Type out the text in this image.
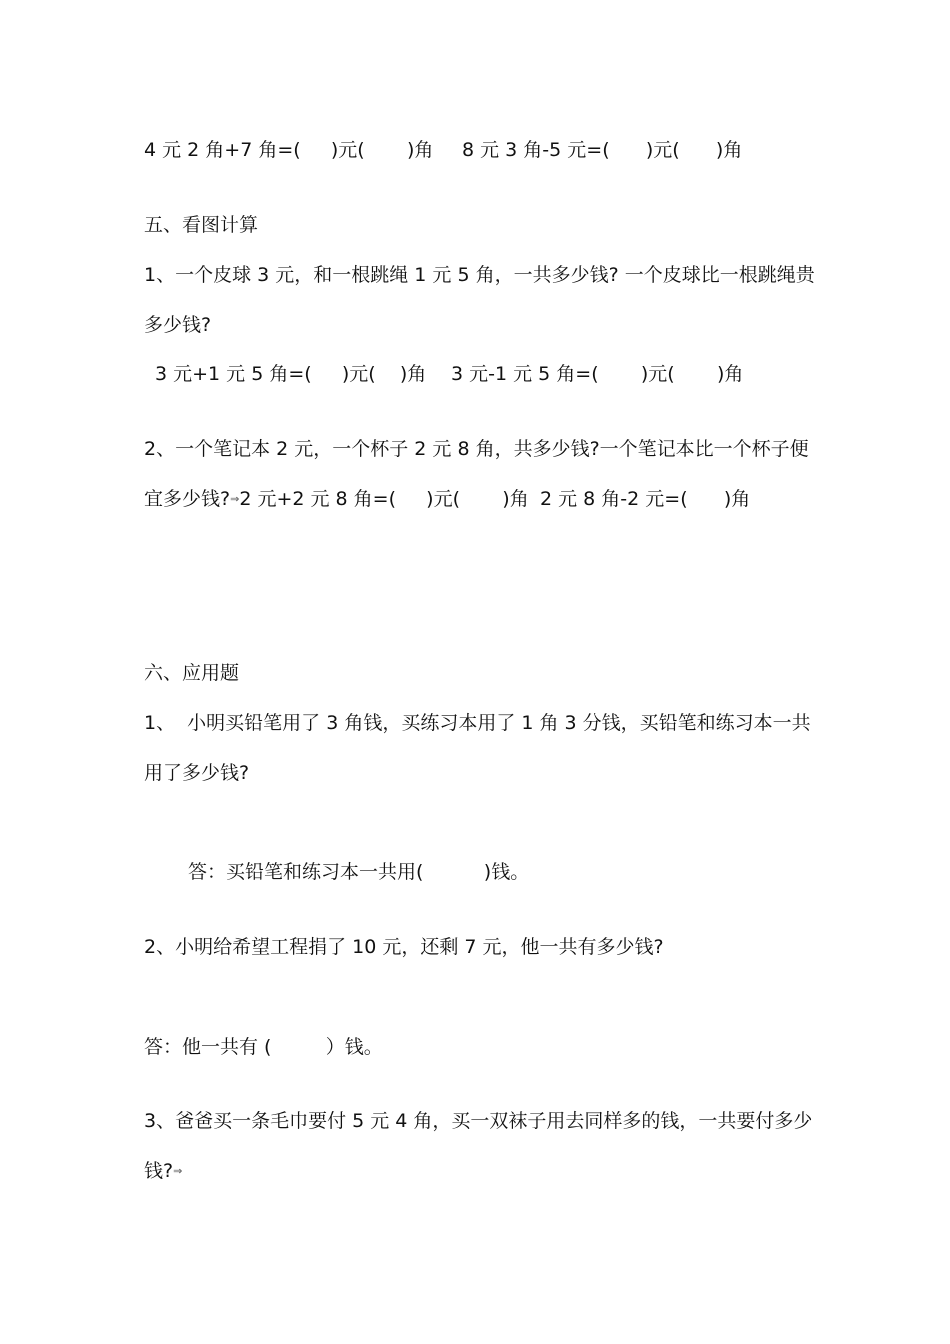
4 元 2 角+7 角=(     )元(       )角 8 元 3 角-5 元=(      )元(      )角
五、看图计算
1、一个皮球 3 元，和一根跳绳 1 元 5 角，一共多少钱? 一个皮球比一根跳绳贵
多少钱?
3 元+1 元 5 角=(     )元(    )角 3 元-1 元 5 角=(       )元(       )角
2、一个笔记本 2 元，一个杯子 2 元 8 角，共多少钱?一个笔记本比一个杯子便
宜多少钱?⇒2 元+2 元 8 角=(     )元(       )角 2 元 8 角-2 元=(      )角
六、应用题
1、  小明买铅笔用了 3 角钱，买练习本用了 1 角 3 分钱，买铅笔和练习本一共
用了多少钱?
答：买铅笔和练习本一共用(          )钱。
2、小明给希望工程捐了 10 元，还剩 7 元，他一共有多少钱?
答：他一共有 (         ）钱。
3、爸爸买一条毛巾要付 5 元 4 角，买一双袜子用去同样多的钱，一共要付多少
钱?⇒
